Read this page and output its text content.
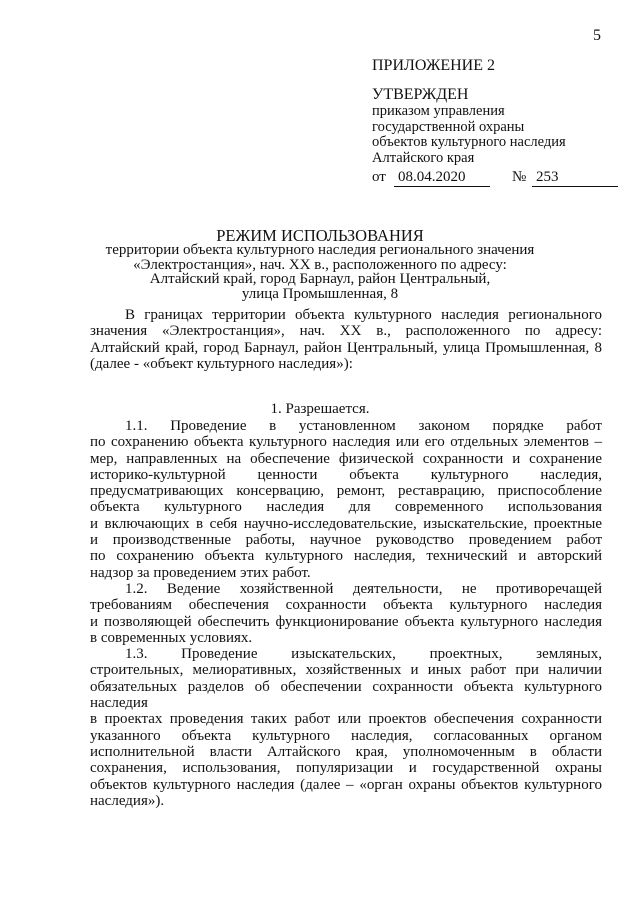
5
ПРИЛОЖЕНИЕ 2
УТВЕРЖДЕН
приказом управления
государственной охраны
объектов культурного наследия
Алтайского края
от 08.04.2020	№ 253
РЕЖИМ ИСПОЛЬЗОВАНИЯ
территории объекта культурного наследия регионального значения
«Электростанция», нач. XX в., расположенного по адресу:
Алтайский край, город Барнаул, район Центральный,
улица Промышленная, 8

В границах территории объекта культурного наследия регионального

значения «Электростанция», нач. XX в., расположенного по адресу:

Алтайский край, город Барнаул, район Центральный, улица Промышленная, 8

(далее - «объект культурного наследия»):

1. Разрешается.

1.1. Проведение в установленном законом порядке работ

по сохранению объекта культурного наследия или его отдельных элементов –

мер, направленных на обеспечение физической сохранности и сохранение

историко-культурной ценности объекта культурного наследия,

предусматривающих консервацию, ремонт, реставрацию, приспособление

объекта культурного наследия для современного использования

и включающих в себя научно-исследовательские, изыскательские, проектные

и производственные работы, научное руководство проведением работ

по сохранению объекта культурного наследия, технический и авторский

надзор за проведением этих работ.

1.2. Ведение хозяйственной деятельности, не противоречащей

требованиям обеспечения сохранности объекта культурного наследия

и позволяющей обеспечить функционирование объекта культурного наследия

в современных условиях.

1.3. Проведение изыскательских, проектных, земляных,

строительных, мелиоративных, хозяйственных и иных работ при наличии

обязательных разделов об обеспечении сохранности объекта культурного

наследия

в проектах проведения таких работ или проектов обеспечения сохранности

указанного объекта культурного наследия, согласованных органом

исполнительной власти Алтайского края, уполномоченным в области

сохранения, использования, популяризации и государственной охраны

объектов культурного наследия (далее – «орган охраны объектов культурного

наследия»).
